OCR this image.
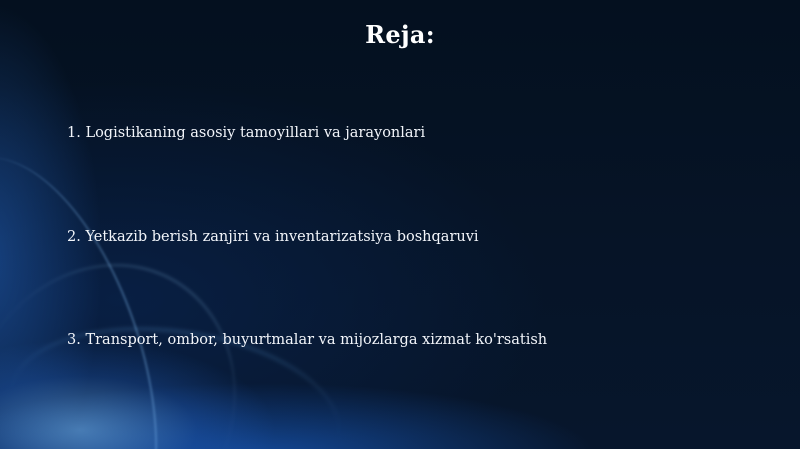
Reja:
1. Logistikaning asosiy tamoyillari va jarayonlari
2. Yetkazib berish zanjiri va inventarizatsiya boshqaruvi
3. Transport, ombor, buyurtmalar va mijozlarga xizmat ko'rsatish
